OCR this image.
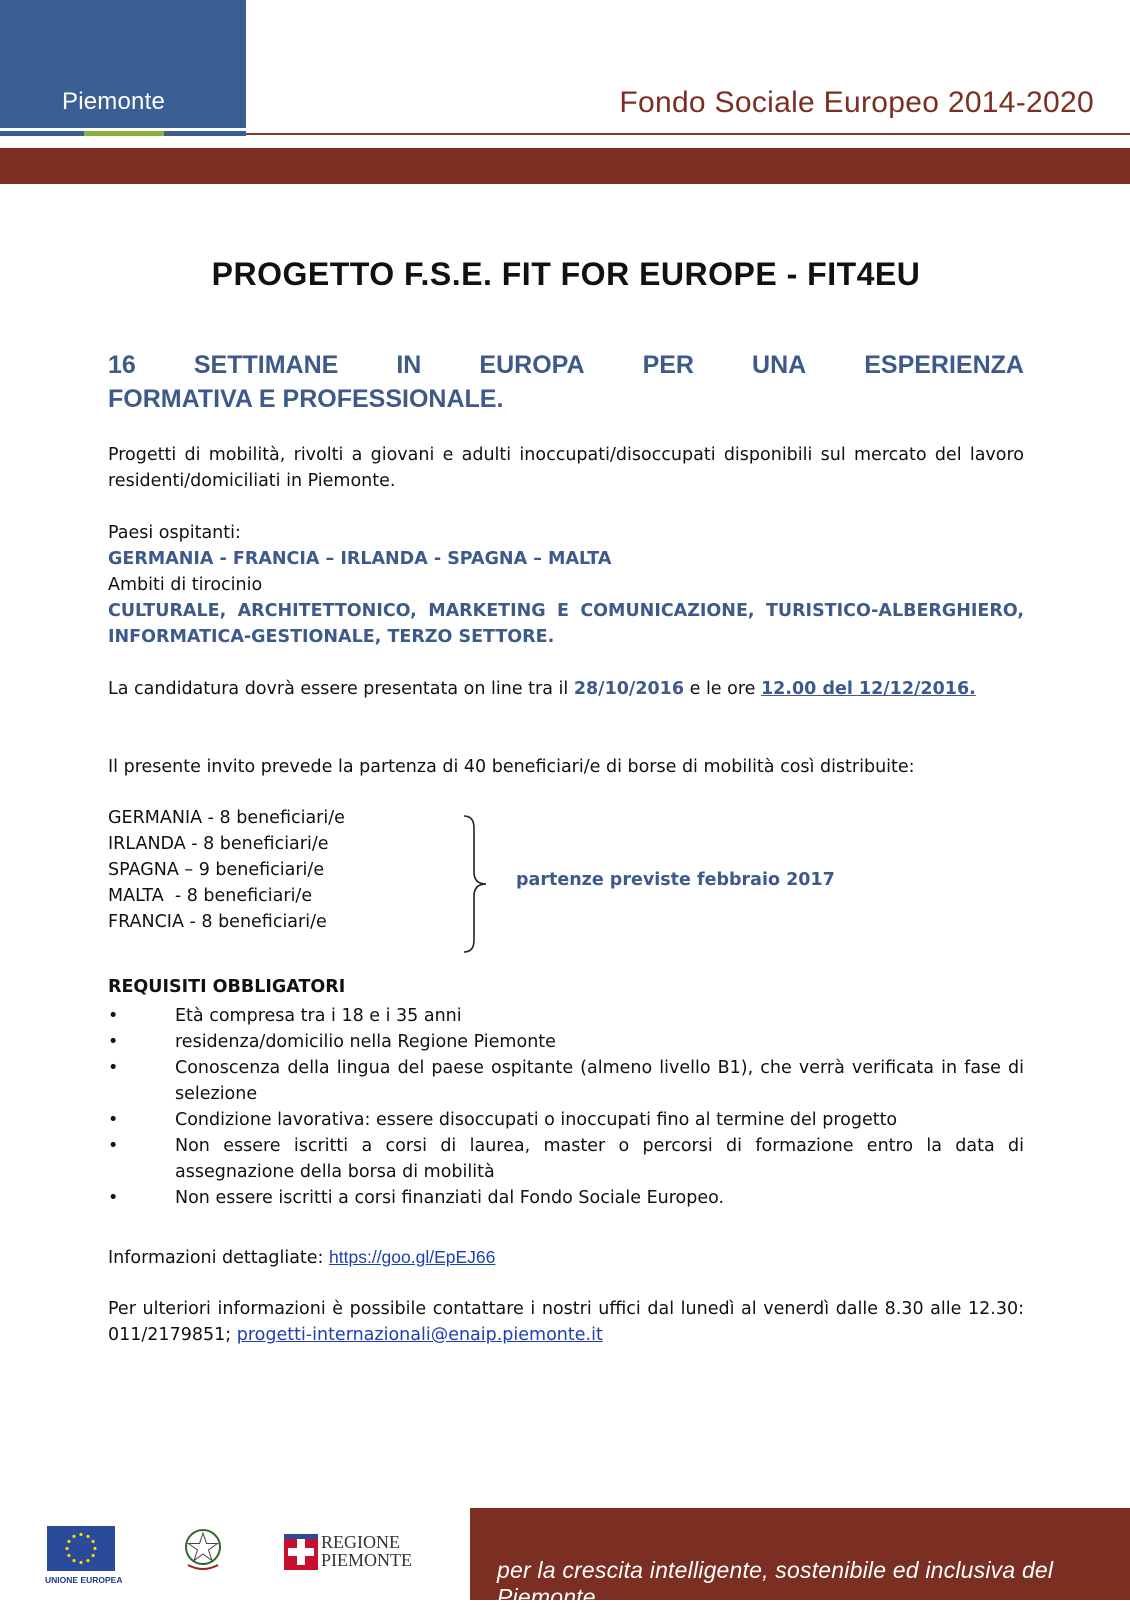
Piemonte	Fondo Sociale Europeo 2014-2020
PROGETTO F.S.E. FIT FOR EUROPE - FIT4EU
16 SETTIMANE IN EUROPA PER UNA ESPERIENZA
FORMATIVA E PROFESSIONALE.
Progetti di mobilità, rivolti a giovani e adulti inoccupati/disoccupati disponibili sul mercato del lavoro residenti/domiciliati in Piemonte.
Paesi ospitanti:
GERMANIA - FRANCIA – IRLANDA - SPAGNA – MALTA
Ambiti di tirocinio
CULTURALE, ARCHITETTONICO, MARKETING E COMUNICAZIONE, TURISTICO-ALBERGHIERO, INFORMATICA-GESTIONALE, TERZO SETTORE.
La candidatura dovrà essere presentata on line tra il 28/10/2016 e le ore 12.00 del 12/12/2016.
Il presente invito prevede la partenza di 40 beneficiari/e di borse di mobilità così distribuite:
GERMANIA - 8 beneficiari/e
IRLANDA - 8 beneficiari/e
SPAGNA – 9 beneficiari/e
MALTA  - 8 beneficiari/e
FRANCIA - 8 beneficiari/e
partenze previste febbraio 2017
REQUISITI OBBLIGATORI
•	Età compresa tra i 18 e i 35 anni
•	residenza/domicilio nella Regione Piemonte
•	Conoscenza della lingua del paese ospitante (almeno livello B1), che verrà verificata in fase di selezione
•	Condizione lavorativa: essere disoccupati o inoccupati fino al termine del progetto
•	Non essere iscritti a corsi di laurea, master o percorsi di formazione entro la data di assegnazione della borsa di mobilità
•	Non essere iscritti a corsi finanziati dal Fondo Sociale Europeo.
Informazioni dettagliate: https://goo.gl/EpEJ66
Per ulteriori informazioni è possibile contattare i nostri uffici dal lunedì al venerdì dalle 8.30 alle 12.30: 011/2179851; progetti-internazionali@enaip.piemonte.it
UNIONE EUROPEA
REGIONE PIEMONTE	per la crescita intelligente, sostenibile ed inclusiva del Piemonte
